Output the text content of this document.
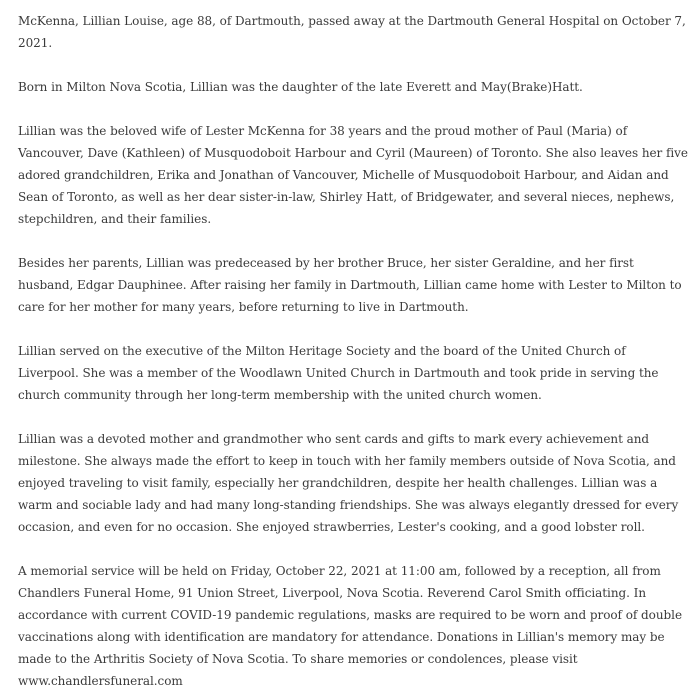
McKenna, Lillian Louise, age 88, of Dartmouth, passed away at the Dartmouth General Hospital on October 7, 2021.

Born in Milton Nova Scotia, Lillian was the daughter of the late Everett and May(Brake)Hatt.

Lillian was the beloved wife of Lester McKenna for 38 years and the proud mother of Paul (Maria) of Vancouver, Dave (Kathleen) of Musquodoboit Harbour and Cyril (Maureen) of Toronto. She also leaves her five adored grandchildren, Erika and Jonathan of Vancouver, Michelle of Musquodoboit Harbour, and Aidan and Sean of Toronto, as well as her dear sister-in-law, Shirley Hatt, of Bridgewater, and several nieces, nephews, stepchildren, and their families.

Besides her parents, Lillian was predeceased by her brother Bruce, her sister Geraldine, and her first husband, Edgar Dauphinee. After raising her family in Dartmouth, Lillian came home with Lester to Milton to care for her mother for many years, before returning to live in Dartmouth.

Lillian served on the executive of the Milton Heritage Society and the board of the United Church of Liverpool. She was a member of the Woodlawn United Church in Dartmouth and took pride in serving the church community through her long-term membership with the united church women.

Lillian was a devoted mother and grandmother who sent cards and gifts to mark every achievement and milestone. She always made the effort to keep in touch with her family members outside of Nova Scotia, and enjoyed traveling to visit family, especially her grandchildren, despite her health challenges. Lillian was a warm and sociable lady and had many long-standing friendships. She was always elegantly dressed for every occasion, and even for no occasion. She enjoyed strawberries, Lester's cooking, and a good lobster roll.

A memorial service will be held on Friday, October 22, 2021 at 11:00 am, followed by a reception, all from Chandlers Funeral Home, 91 Union Street, Liverpool, Nova Scotia. Reverend Carol Smith officiating. In accordance with current COVID-19 pandemic regulations, masks are required to be worn and proof of double vaccinations along with identification are mandatory for attendance. Donations in Lillian's memory may be made to the Arthritis Society of Nova Scotia. To share memories or condolences, please visit www.chandlersfuneral.com
